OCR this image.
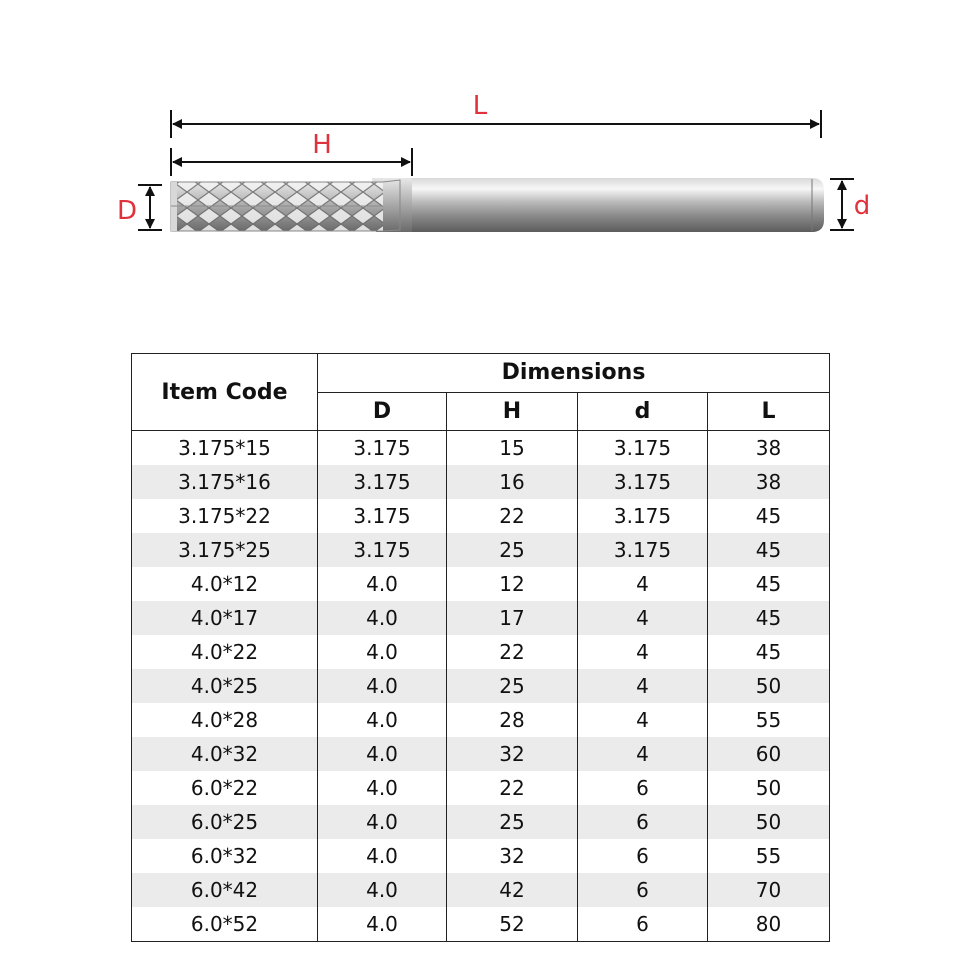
L
H
D	d
Item Code	Dimensions			
	D	H	d	L
3.175*15	3.175	15	3.175	38
3.175*16	3.175	16	3.175	38
3.175*22	3.175	22	3.175	45
3.175*25	3.175	25	3.175	45
4.0*12	4.0	12	4	45
4.0*17	4.0	17	4	45
4.0*22	4.0	22	4	45
4.0*25	4.0	25	4	50
4.0*28	4.0	28	4	55
4.0*32	4.0	32	4	60
6.0*22	4.0	22	6	50
6.0*25	4.0	25	6	50
6.0*32	4.0	32	6	55
6.0*42	4.0	42	6	70
6.0*52	4.0	52	6	80
